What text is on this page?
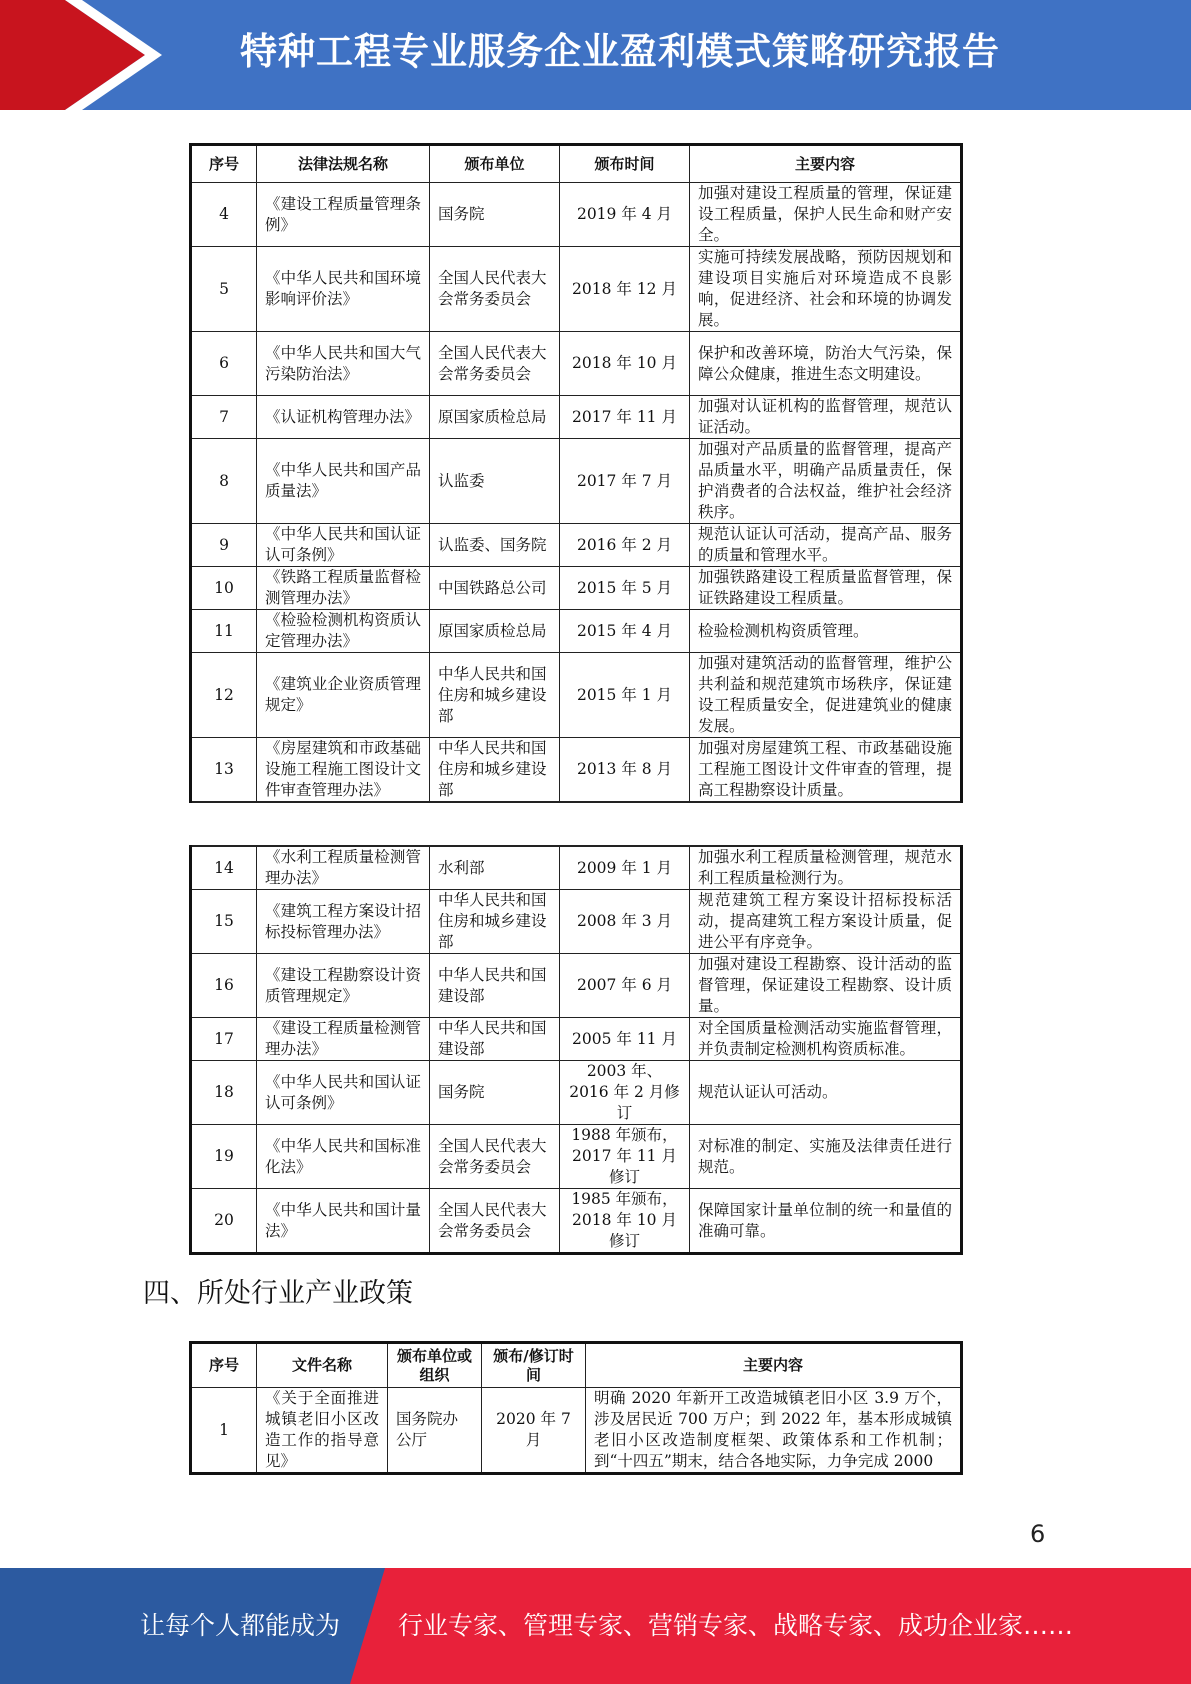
特种工程专业服务企业盈利模式策略研究报告
序号	法律法规名称	颁布单位	颁布时间	主要内容
4	《建设工程质量管理条例》	国务院	2019 年 4 月	加强对建设工程质量的管理，保证建设工程质量，保护人民生命和财产安全。
5	《中华人民共和国环境影响评价法》	全国人民代表大会常务委员会	2018 年 12 月	实施可持续发展战略，预防因规划和建设项目实施后对环境造成不良影响，促进经济、社会和环境的协调发展。
6	《中华人民共和国大气污染防治法》	全国人民代表大会常务委员会	2018 年 10 月	保护和改善环境，防治大气污染，保障公众健康，推进生态文明建设。
7	《认证机构管理办法》	原国家质检总局	2017 年 11 月	加强对认证机构的监督管理，规范认证活动。
8	《中华人民共和国产品质量法》	认监委	2017 年 7 月	加强对产品质量的监督管理，提高产品质量水平，明确产品质量责任，保护消费者的合法权益，维护社会经济秩序。
9	《中华人民共和国认证认可条例》	认监委、国务院	2016 年 2 月	规范认证认可活动，提高产品、服务的质量和管理水平。
10	《铁路工程质量监督检测管理办法》	中国铁路总公司	2015 年 5 月	加强铁路建设工程质量监督管理，保证铁路建设工程质量。
11	《检验检测机构资质认定管理办法》	原国家质检总局	2015 年 4 月	检验检测机构资质管理。
12	《建筑业企业资质管理规定》	中华人民共和国住房和城乡建设部	2015 年 1 月	加强对建筑活动的监督管理，维护公共利益和规范建筑市场秩序，保证建设工程质量安全，促进建筑业的健康发展。
13	《房屋建筑和市政基础设施工程施工图设计文件审查管理办法》	中华人民共和国住房和城乡建设部	2013 年 8 月	加强对房屋建筑工程、市政基础设施工程施工图设计文件审查的管理，提高工程勘察设计质量。
14	《水利工程质量检测管理办法》	水利部	2009 年 1 月	加强水利工程质量检测管理，规范水利工程质量检测行为。
15	《建筑工程方案设计招标投标管理办法》	中华人民共和国住房和城乡建设部	2008 年 3 月	规范建筑工程方案设计招标投标活动，提高建筑工程方案设计质量，促进公平有序竞争。
16	《建设工程勘察设计资质管理规定》	中华人民共和国建设部	2007 年 6 月	加强对建设工程勘察、设计活动的监督管理，保证建设工程勘察、设计质量。
17	《建设工程质量检测管理办法》	中华人民共和国建设部	2005 年 11 月	对全国质量检测活动实施监督管理，并负责制定检测机构资质标准。
18	《中华人民共和国认证认可条例》	国务院	2003 年、2016 年 2 月修订	规范认证认可活动。
19	《中华人民共和国标准化法》	全国人民代表大会常务委员会	1988 年颁布，2017 年 11 月修订	对标准的制定、实施及法律责任进行规范。
20	《中华人民共和国计量法》	全国人民代表大会常务委员会	1985 年颁布，2018 年 10 月修订	保障国家计量单位制的统一和量值的准确可靠。
四、所处行业产业政策
序号	文件名称	颁布单位或组织	颁布/修订时间	主要内容
1	《关于全面推进城镇老旧小区改造工作的指导意见》	国务院办公厅	2020 年 7 月	明确 2020 年新开工改造城镇老旧小区 3.9 万个，涉及居民近 700 万户；到 2022 年，基本形成城镇老旧小区改造制度框架、政策体系和工作机制；到“十四五”期末，结合各地实际，力争完成 2000
6
让每个人都能成为 行业专家、管理专家、营销专家、战略专家、成功企业家……
